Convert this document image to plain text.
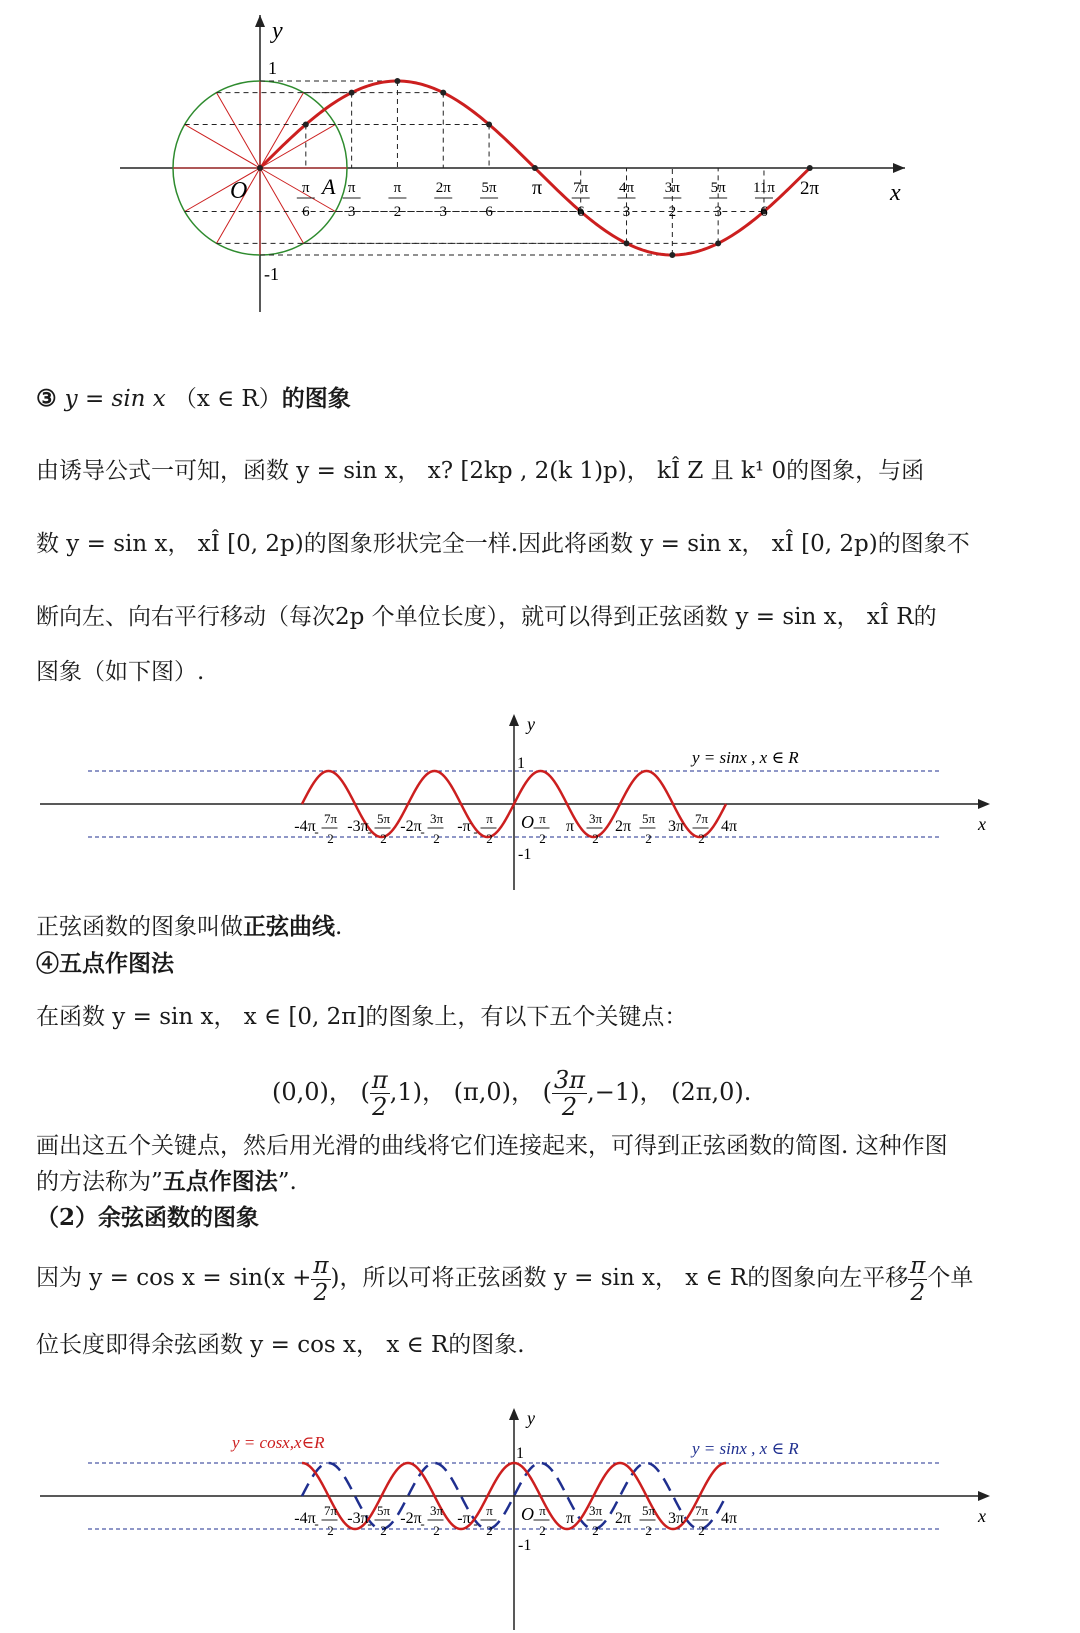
y
x
1
-1
O	A	π	2π
π
6
π
3
π
2
2π
3
5π
6
7π
6
4π
3
3π
2
5π
3
11π
6
③ y = sin x （x ∈ R）的图象
由诱导公式一可知，函数 y = sin x， x? [2kp , 2(k 1)p)， kÎ Z 且 k¹ 0的图象，与函
数 y = sin x， xÎ [0, 2p)的图象形状完全一样.因此将函数 y = sin x， xÎ [0, 2p)的图象不
断向左、向右平行移动（每次2p 个单位长度），就可以得到正弦函数 y = sin x， xÎ R的
图象（如下图）.
y
x
1
-1
O
y = sinx , x ∈ R
-4π -3π -2π -π	π	2π 3π 4π
7π
2
-
5π
2
-
3π
2
-
π
2
-
π
2
3π
2
5π
2
7π
2
正弦函数的图象叫做正弦曲线.
④五点作图法
在函数 y = sin x， x ∈ [0, 2π]的图象上，有以下五个关键点：
(0,0)， ( $\frac{\pi}{2} ,1$)， (π,0)， ( $\frac{3\pi}{2} ,-1$)， (2π,0).
画出这五个关键点，然后用光滑的曲线将它们连接起来，可得到正弦函数的简图. 这种作图
的方法称为”五点作图法”.
（2）余弦函数的图象
因为 $y = \cos x = \sin(x + \frac{\pi}{2}$ )，所以可将正弦函数 y = sin x， x ∈ R的图象向左平移 $\frac{\pi}{2}$ 个单
位长度即得余弦函数 y = cos x， x ∈ R的图象.
y
x
1
-1
O
y = cosx,x∈R	y = sinx , x ∈ R
-4π -3π -2π -π	π	2π 3π 4π
7π
2
-
5π
2
-
3π
2
-
π
2
-
π
2
3π
2
5π
2
7π
2
